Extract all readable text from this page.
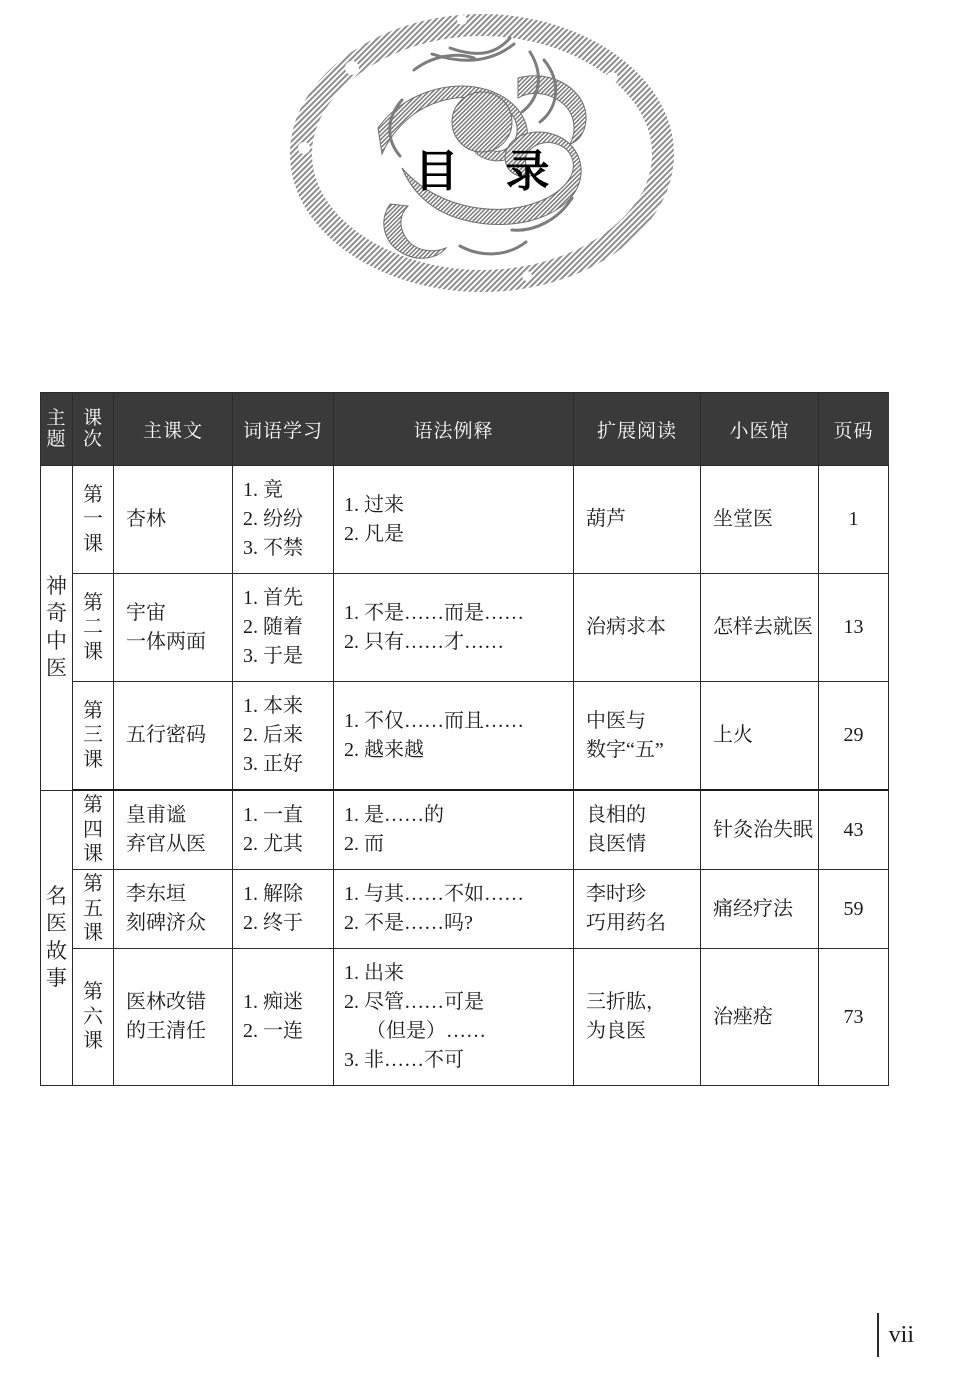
目 录
主
题	课
次	主课文	词语学习	语法例释	扩展阅读	小医馆	页码

神
奇
中
医	第
一
课	杏林	1. 竟
2. 纷纷
3. 不禁	1. 过来
2. 凡是	葫芦	坐堂医	1

	第
二
课	宇宙
一体两面	1. 首先
2. 随着
3. 于是	1. 不是……而是……
2. 只有……才……	治病求本	怎样去就医	13

	第
三
课	五行密码	1. 本来
2. 后来
3. 正好	1. 不仅……而且……
2. 越来越	中医与
数字“五”	上火	29

名
医
故
事	第
四
课	皇甫谧
弃官从医	1. 一直
2. 尤其	1. 是……的
2. 而	良相的
良医情	针灸治失眠	43

	第
五
课	李东垣
刻碑济众	1. 解除
2. 终于	1. 与其……不如……
2. 不是……吗?	李时珍
巧用药名	痛经疗法	59

	第
六
课	医林改错
的王清任	1. 痴迷
2. 一连	1. 出来
2. 尽管……可是
（但是）……
3. 非……不可	三折肱，
为良医	治痤疮	73
vii
